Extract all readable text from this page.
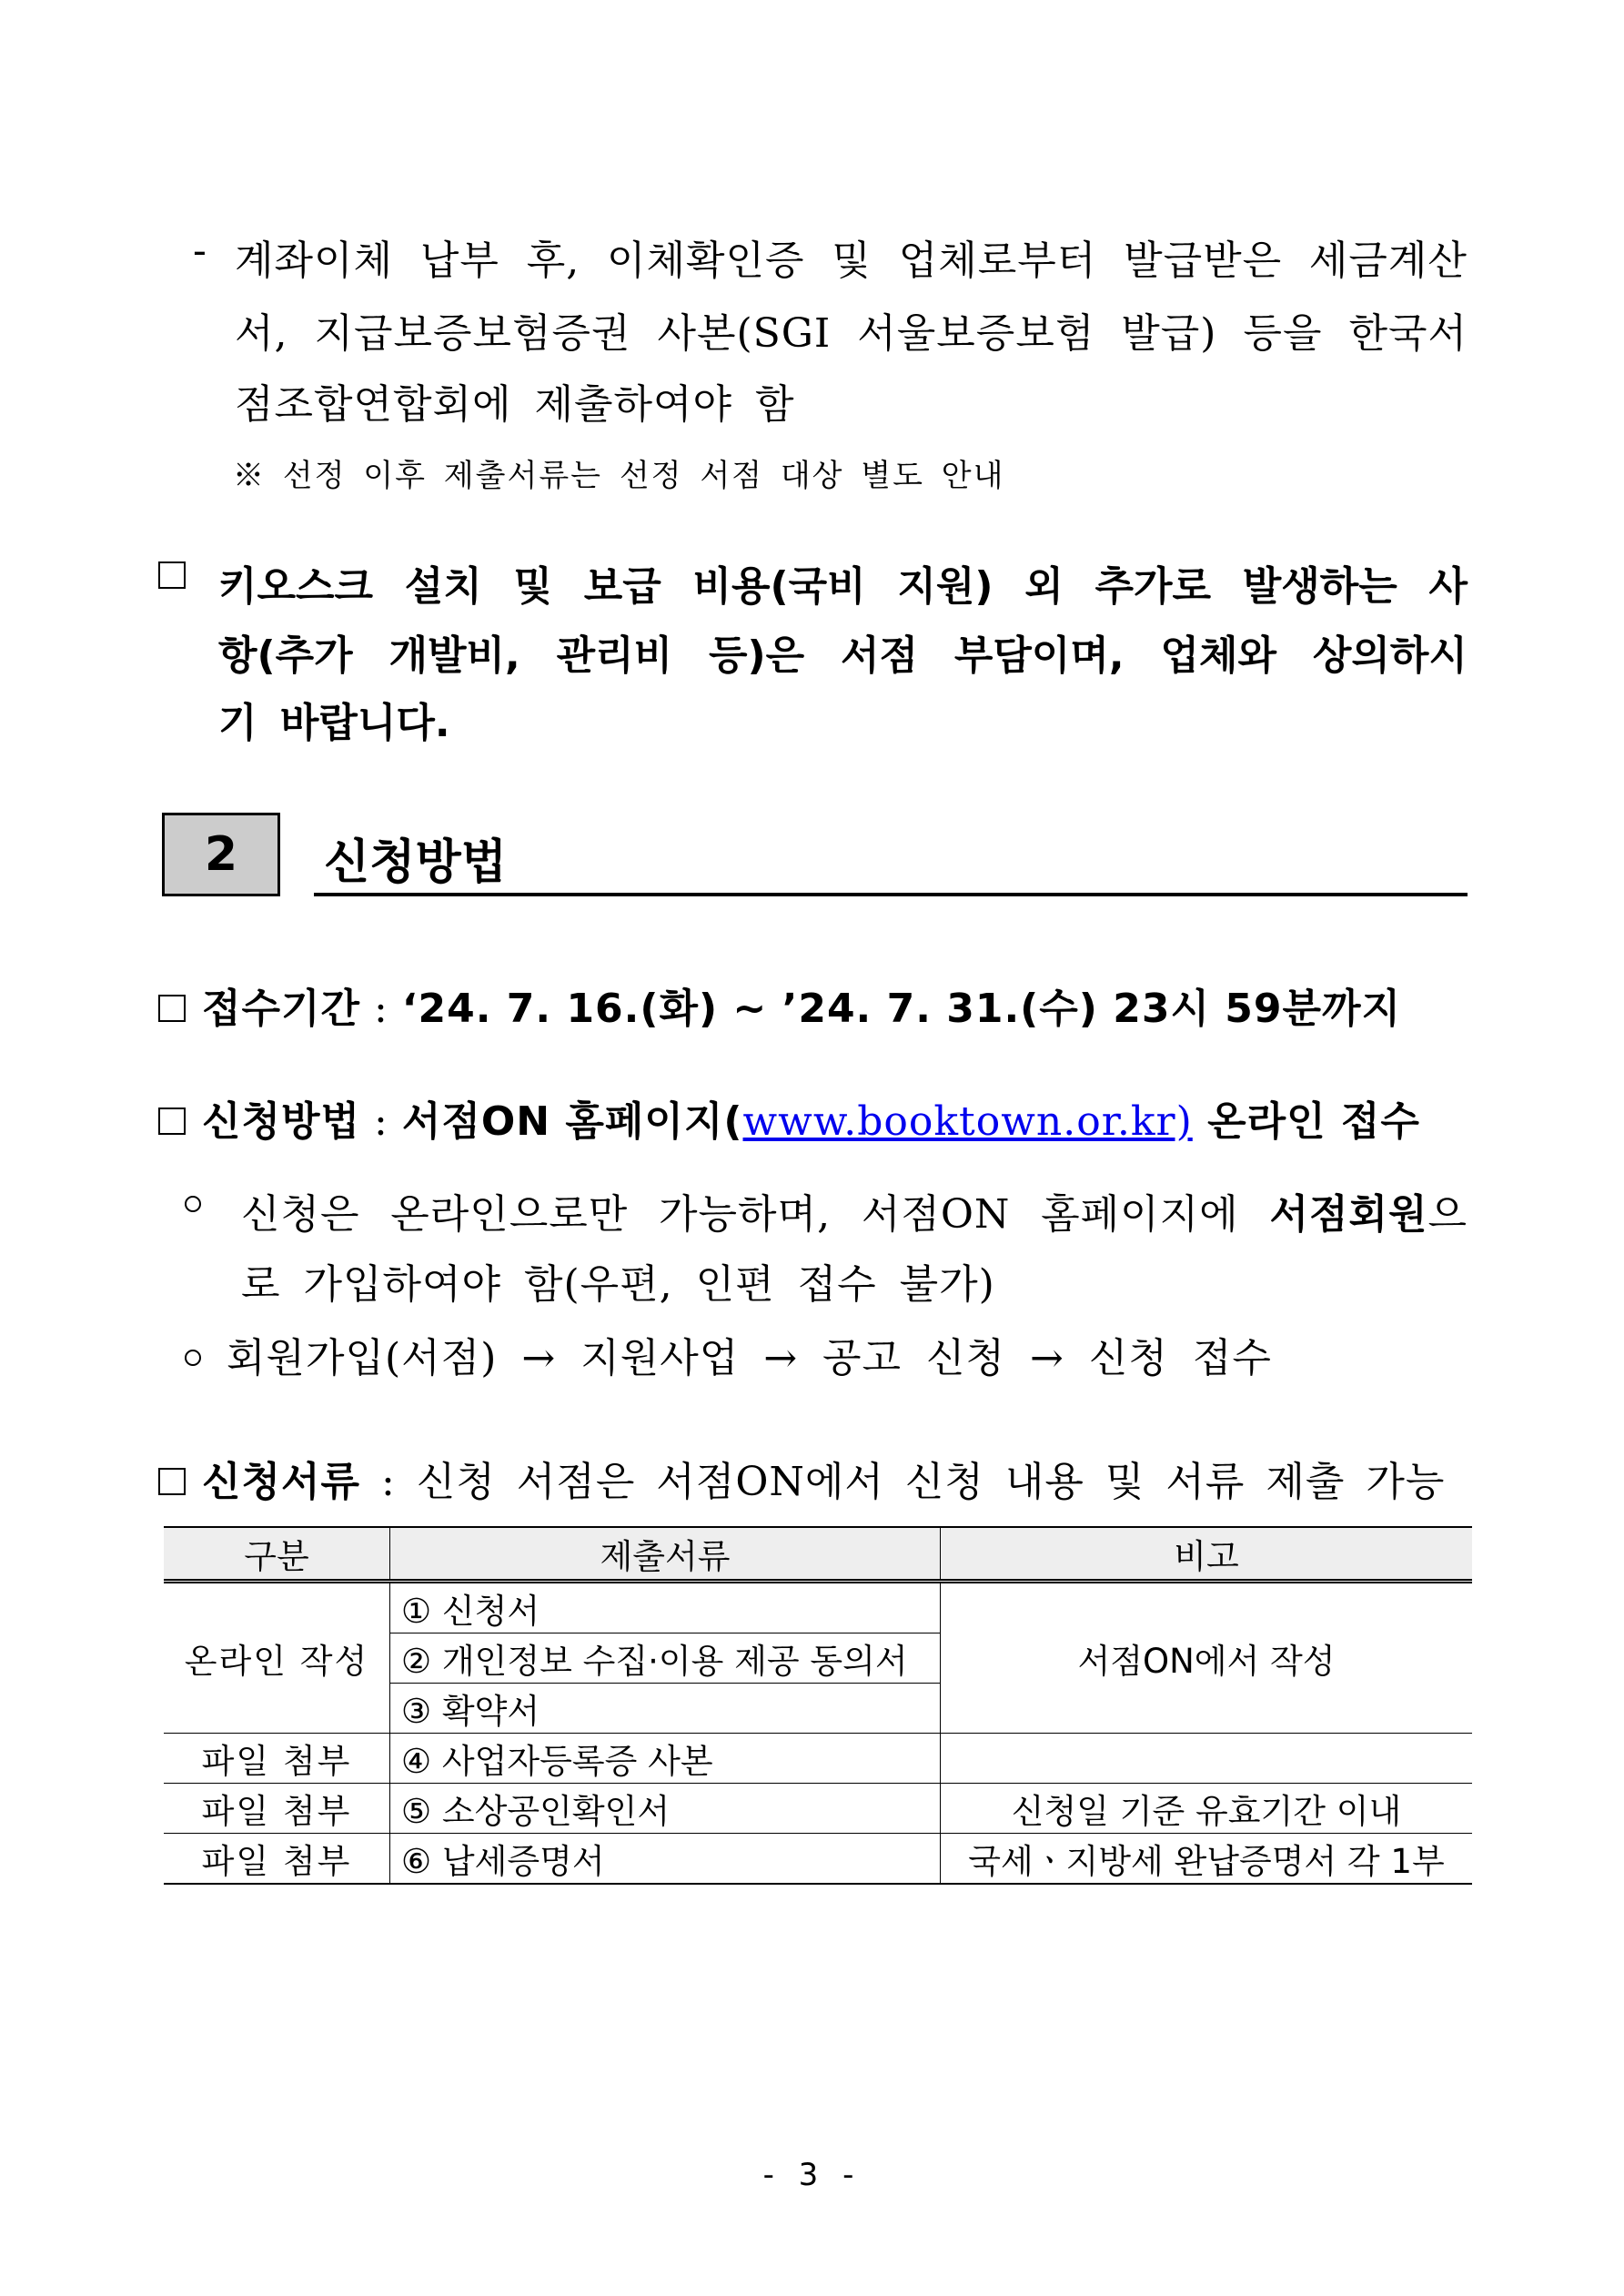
- 계좌이체 납부 후, 이체확인증 및 업체로부터 발급받은 세금계산
서, 지급보증보험증권 사본(SGI 서울보증보험 발급) 등을 한국서
점조합연합회에 제출하여야 함
※ 선정 이후 제출서류는 선정 서점 대상 별도 안내
키오스크 설치 및 보급 비용(국비 지원) 외 추가로 발생하는 사
항(추가 개발비, 관리비 등)은 서점 부담이며, 업체와 상의하시
기 바랍니다.
2 신청방법
접수기간 : ‘24. 7. 16.(화) ~ ’24. 7. 31.(수) 23시 59분까지
신청방법 : 서점ON 홈페이지(www.booktown.or.kr) 온라인 접수
신청은 온라인으로만 가능하며, 서점ON 홈페이지에 서점회원으
로 가입하여야 함(우편, 인편 접수 불가)
회원가입(서점) → 지원사업 → 공고 신청 → 신청 접수
신청서류 : 신청 서점은 서점ON에서 신청 내용 및 서류 제출 가능
구분	제출서류	비고
온라인 작성	① 신청서	서점ON에서 작성
	② 개인정보 수집·이용 제공 동의서	
	③ 확약서	
파일 첨부	④ 사업자등록증 사본	
파일 첨부	⑤ 소상공인확인서	신청일 기준 유효기간 이내
파일 첨부	⑥ 납세증명서	국세ㆍ지방세 완납증명서 각 1부
- 3 -
